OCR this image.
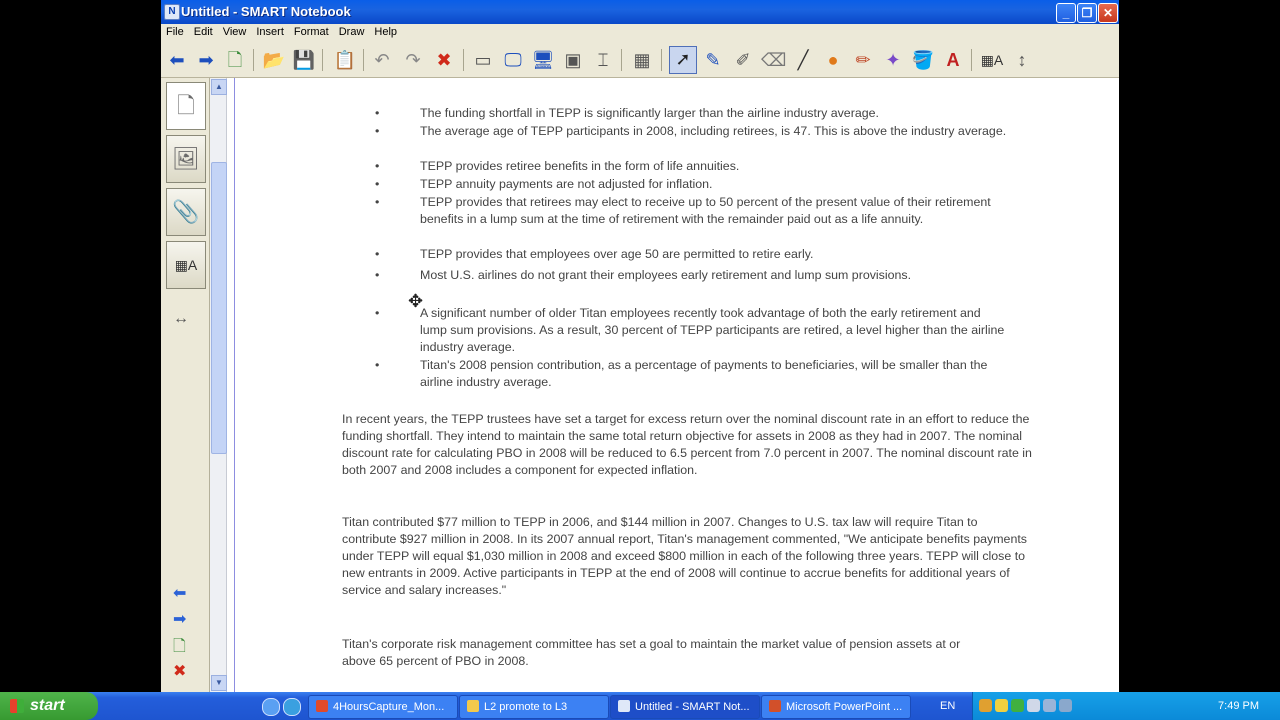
N Untitled - SMART Notebook	_	❐ ✕
File Edit View Insert Format Draw Help
⬅ ➡ 🗋 📂 💾 📋 ↶ ↷ ✖ ▭ 🖵 🖥 ▣ ⌶	▦	➚ ✎ ✐ ⌫ ╱	● ✏ ✦ 🪣 A	▦A ↕
🗋
🖼
📎
▦A
↔
⬅
➡
🗋
✖
▲
▼
•	The funding shortfall in TEPP is significantly larger than the airline industry average.
•	The average age of TEPP participants in 2008, including retirees, is 47. This is above the industry average.
•	TEPP provides retiree benefits in the form of life annuities.
•	TEPP annuity payments are not adjusted for inflation.
•	TEPP provides that retirees may elect to receive up to 50 percent of the present value of their retirement benefits in a lump sum at the time of retirement with the remainder paid out as a life annuity.
•	TEPP provides that employees over age 50 are permitted to retire early.
•	Most U.S. airlines do not grant their employees early retirement and lump sum provisions.
•	A significant number of older Titan employees recently took advantage of both the early retirement and lump sum provisions. As a result, 30 percent of TEPP participants are retired, a level higher than the airline industry average.
•	Titan's 2008 pension contribution, as a percentage of payments to beneficiaries, will be smaller than the airline industry average.
In recent years, the TEPP trustees have set a target for excess return over the nominal discount rate in an effort to reduce the funding shortfall. They intend to maintain the same total return objective for assets in 2008 as they had in 2007. The nominal discount rate for calculating PBO in 2008 will be reduced to 6.5 percent from 7.0 percent in 2007. The nominal discount rate in both 2007 and 2008 includes a component for expected inflation.
Titan contributed $77 million to TEPP in 2006, and $144 million in 2007. Changes to U.S. tax law will require Titan to contribute $927 million in 2008. In its 2007 annual report, Titan's management commented, "We anticipate benefits payments under TEPP will equal $1,030 million in 2008 and exceed $800 million in each of the following three years. TEPP will close to new entrants in 2009. Active participants in TEPP at the end of 2008 will continue to accrue benefits for additional years of service and salary increases."
Titan's corporate risk management committee has set a goal to maintain the market value of pension assets at or above 65 percent of PBO in 2008.
✥
start	4HoursCapture_Mon...	L2 promote to L3	Untitled - SMART Not...	Microsoft PowerPoint ...	EN	7:49 PM
